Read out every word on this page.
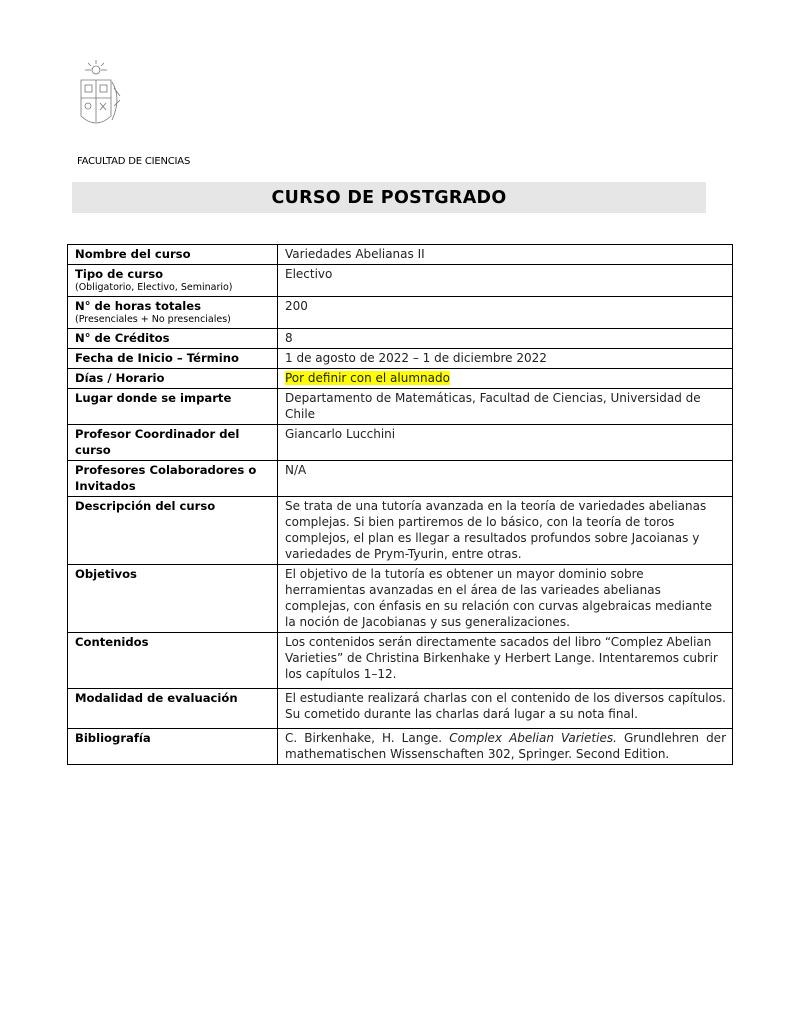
FACULTAD DE CIENCIAS
CURSO DE POSTGRADO
Nombre del curso	Variedades Abelianas II
Tipo de curso
(Obligatorio, Electivo, Seminario)	Electivo
N° de horas totales
(Presenciales + No presenciales)	200
N° de Créditos	8
Fecha de Inicio – Término	1 de agosto de 2022 – 1 de diciembre 2022
Días / Horario	Por definir con el alumnado
Lugar donde se imparte	Departamento de Matemáticas, Facultad de Ciencias, Universidad de Chile
Profesor Coordinador del curso	Giancarlo Lucchini
Profesores Colaboradores o Invitados	N/A
Descripción del curso	Se trata de una tutoría avanzada en la teoría de variedades abelianas complejas. Si bien partiremos de lo básico, con la teoría de toros complejos, el plan es llegar a resultados profundos sobre Jacoianas y variedades de Prym-Tyurin, entre otras.
Objetivos	El objetivo de la tutoría es obtener un mayor dominio sobre herramientas avanzadas en el área de las varieades abelianas complejas, con énfasis en su relación con curvas algebraicas mediante la noción de Jacobianas y sus generalizaciones.
Contenidos	Los contenidos serán directamente sacados del libro “Complez Abelian Varieties” de Christina Birkenhake y Herbert Lange. Intentaremos cubrir los capítulos 1–12.
Modalidad de evaluación	El estudiante realizará charlas con el contenido de los diversos capítulos. Su cometido durante las charlas dará lugar a su nota final.
Bibliografía	C. Birkenhake, H. Lange. Complex Abelian Varieties. Grundlehren der mathematischen Wissenschaften 302, Springer. Second Edition.
